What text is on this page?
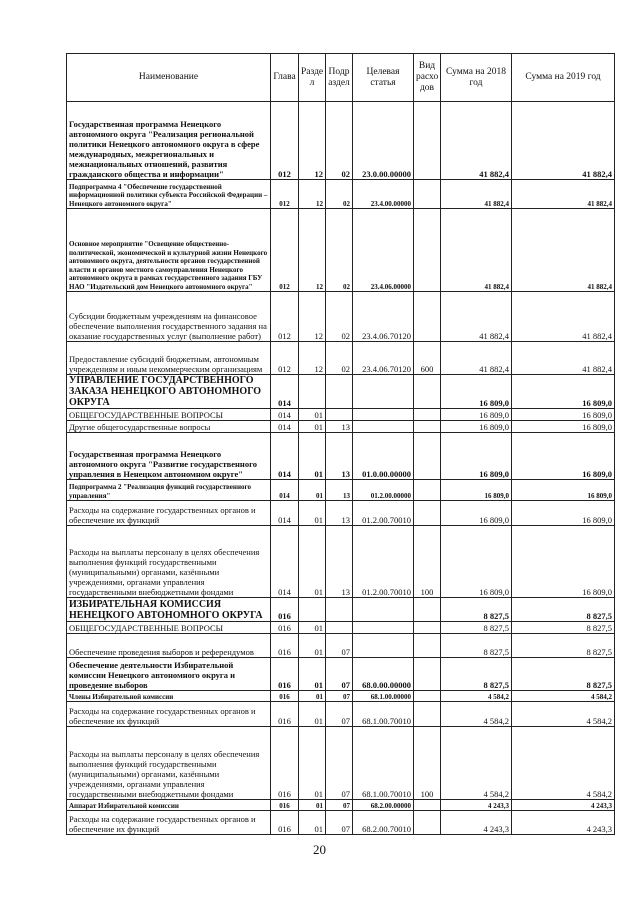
Наименование	Глава	Разде л	Подр аздел	Целевая статья	Вид расхо дов	Сумма на 2018 год	Сумма на 2019 год
Государственная программа Ненецкого автономного округа "Реализация региональной политики Ненецкого автономного округа в сфере международных, межрегиональных и межнациональных отношений, развития гражданского общества и информации"	012	12	02	23.0.00.00000		41 882,4	41 882,4
Подпрограмма 4 "Обеспечение государственной информационной политики субъекта Российской Федерации – Ненецкого автономного округа"	012	12	02	23.4.00.00000		41 882,4	41 882,4
Основное мероприятие "Освещение общественно-политической, экономической и культурной жизни Ненецкого автономного округа, деятельности органов государственной власти и органов местного самоуправления Ненецкого автономного округа в рамках государственного задания ГБУ НАО "Издательский дом Ненецкого автономного округа"	012	12	02	23.4.06.00000		41 882,4	41 882,4
Субсидии бюджетным учреждениям на финансовое обеспечение выполнения государственного задания на оказание государственных услуг (выполнение работ)	012	12	02	23.4.06.70120		41 882,4	41 882,4
Предоставление субсидий бюджетным, автономным учреждениям и иным некоммерческим организациям	012	12	02	23.4.06.70120	600	41 882,4	41 882,4
УПРАВЛЕНИЕ ГОСУДАРСТВЕННОГО ЗАКАЗА НЕНЕЦКОГО АВТОНОМНОГО ОКРУГА	014					16 809,0	16 809,0
ОБЩЕГОСУДАРСТВЕННЫЕ ВОПРОСЫ	014	01				16 809,0	16 809,0
Другие общегосударственные вопросы	014	01	13			16 809,0	16 809,0
Государственная программа Ненецкого автономного округа "Развитие государственного управления в Ненецком автономном округе"	014	01	13	01.0.00.00000		16 809,0	16 809,0
Подпрограмма 2 "Реализация функций государственного управления"	014	01	13	01.2.00.00000		16 809,0	16 809,0
Расходы на содержание государственных органов и обеспечение их функций	014	01	13	01.2.00.70010		16 809,0	16 809,0
Расходы на выплаты персоналу в целях обеспечения выполнения функций государственными (муниципальными) органами, казёнными учреждениями, органами управления государственными внебюджетными фондами	014	01	13	01.2.00.70010	100	16 809,0	16 809,0
ИЗБИРАТЕЛЬНАЯ КОМИССИЯ НЕНЕЦКОГО АВТОНОМНОГО ОКРУГА	016					8 827,5	8 827,5
ОБЩЕГОСУДАРСТВЕННЫЕ ВОПРОСЫ	016	01				8 827,5	8 827,5
Обеспечение проведения выборов и референдумов	016	01	07			8 827,5	8 827,5
Обеспечение деятельности Избирательной комиссии Ненецкого автономного округа и проведение выборов	016	01	07	68.0.00.00000		8 827,5	8 827,5
Члены Избирательной комиссии	016	01	07	68.1.00.00000		4 584,2	4 584,2
Расходы на содержание государственных органов и обеспечение их функций	016	01	07	68.1.00.70010		4 584,2	4 584,2
Расходы на выплаты персоналу в целях обеспечения выполнения функций государственными (муниципальными) органами, казёнными учреждениями, органами управления государственными внебюджетными фондами	016	01	07	68.1.00.70010	100	4 584,2	4 584,2
Аппарат Избирательной комиссии	016	01	07	68.2.00.00000		4 243,3	4 243,3
Расходы на содержание государственных органов и обеспечение их функций	016	01	07	68.2.00.70010		4 243,3	4 243,3
20
